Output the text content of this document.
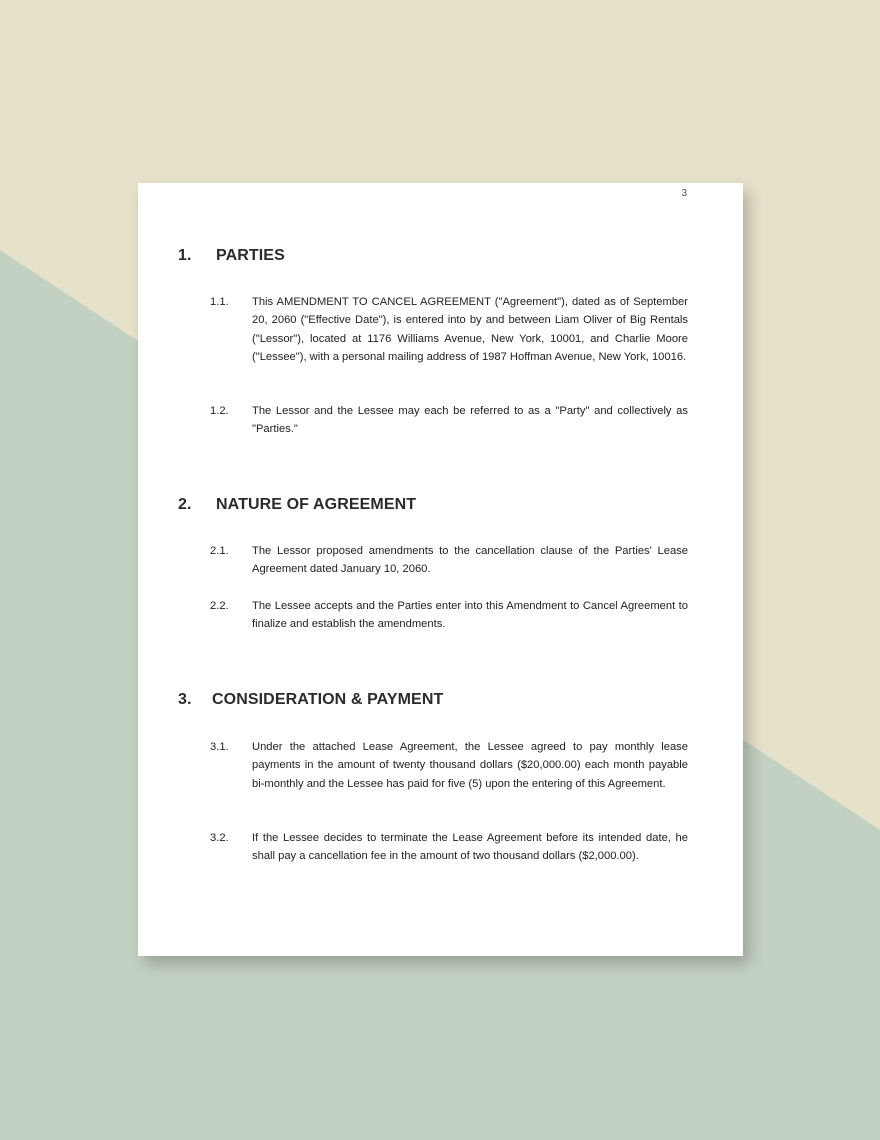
3
1. PARTIES
1.1.	This AMENDMENT TO CANCEL AGREEMENT ("Agreement"), dated as of September 20, 2060 ("Effective Date"), is entered into by and between Liam Oliver of Big Rentals ("Lessor"), located at 1176 Williams Avenue, New York, 10001, and Charlie Moore ("Lessee"), with a personal mailing address of 1987 Hoffman Avenue, New York, 10016.
1.2.	The Lessor and the Lessee may each be referred to as a "Party" and collectively as "Parties."
2. NATURE OF AGREEMENT
2.1.	The Lessor proposed amendments to the cancellation clause of the Parties' Lease Agreement dated January 10, 2060.
2.2.	The Lessee accepts and the Parties enter into this Amendment to Cancel Agreement to finalize and establish the amendments.
3. CONSIDERATION & PAYMENT
3.1.	Under the attached Lease Agreement, the Lessee agreed to pay monthly lease payments in the amount of twenty thousand dollars ($20,000.00) each month payable bi-monthly and the Lessee has paid for five (5) upon the entering of this Agreement.
3.2.	If the Lessee decides to terminate the Lease Agreement before its intended date, he shall pay a cancellation fee in the amount of two thousand dollars ($2,000.00).
